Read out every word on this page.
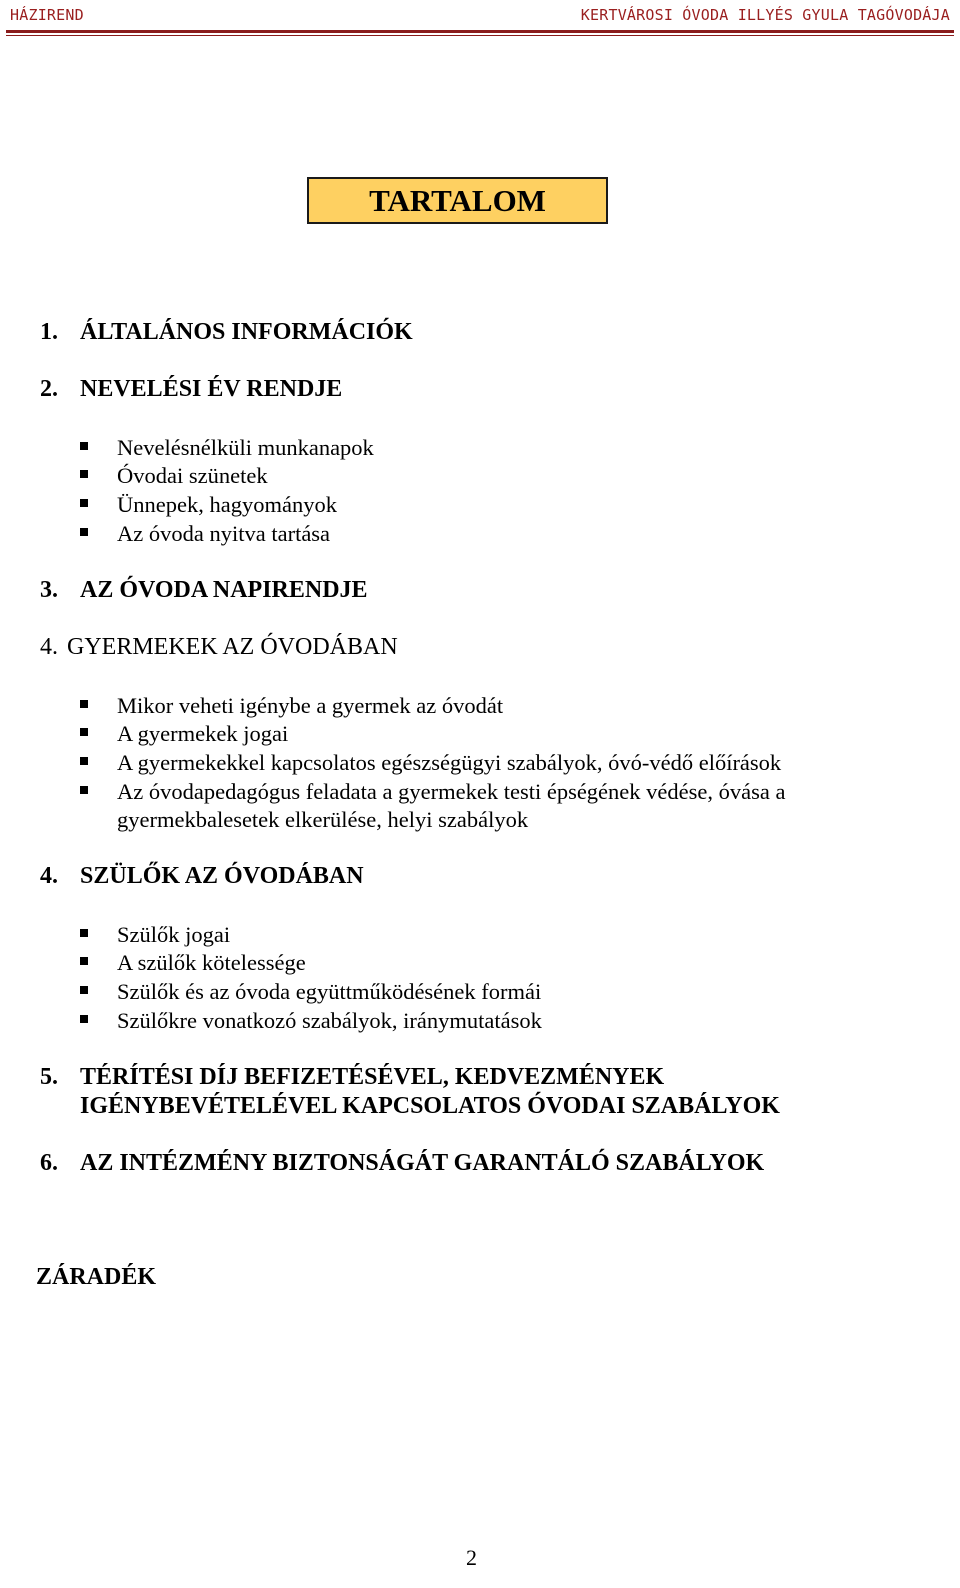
HÁZIREND	KERTVÁROSI ÓVODA ILLYÉS GYULA TAGÓVODÁJA
TARTALOM
1. ÁLTALÁNOS INFORMÁCIÓK
2. NEVELÉSI ÉV RENDJE
Nevelésnélküli munkanapok
Óvodai szünetek
Ünnepek, hagyományok
Az óvoda nyitva tartása
3. AZ ÓVODA NAPIRENDJE
4. GYERMEKEK AZ ÓVODÁBAN
Mikor veheti igénybe a gyermek az óvodát
A gyermekek jogai
A gyermekekkel kapcsolatos egészségügyi szabályok, óvó-védő előírások
Az óvodapedagógus feladata a gyermekek testi épségének védése, óvása a
gyermekbalesetek elkerülése, helyi szabályok
4. SZÜLŐK AZ ÓVODÁBAN
Szülők jogai
A szülők kötelessége
Szülők és az óvoda együttműködésének formái
Szülőkre vonatkozó szabályok, iránymutatások
5. TÉRÍTÉSI DÍJ BEFIZETÉSÉVEL, KEDVEZMÉNYEK
IGÉNYBEVÉTELÉVEL KAPCSOLATOS ÓVODAI SZABÁLYOK
6. AZ INTÉZMÉNY BIZTONSÁGÁT GARANTÁLÓ SZABÁLYOK
ZÁRADÉK
2
